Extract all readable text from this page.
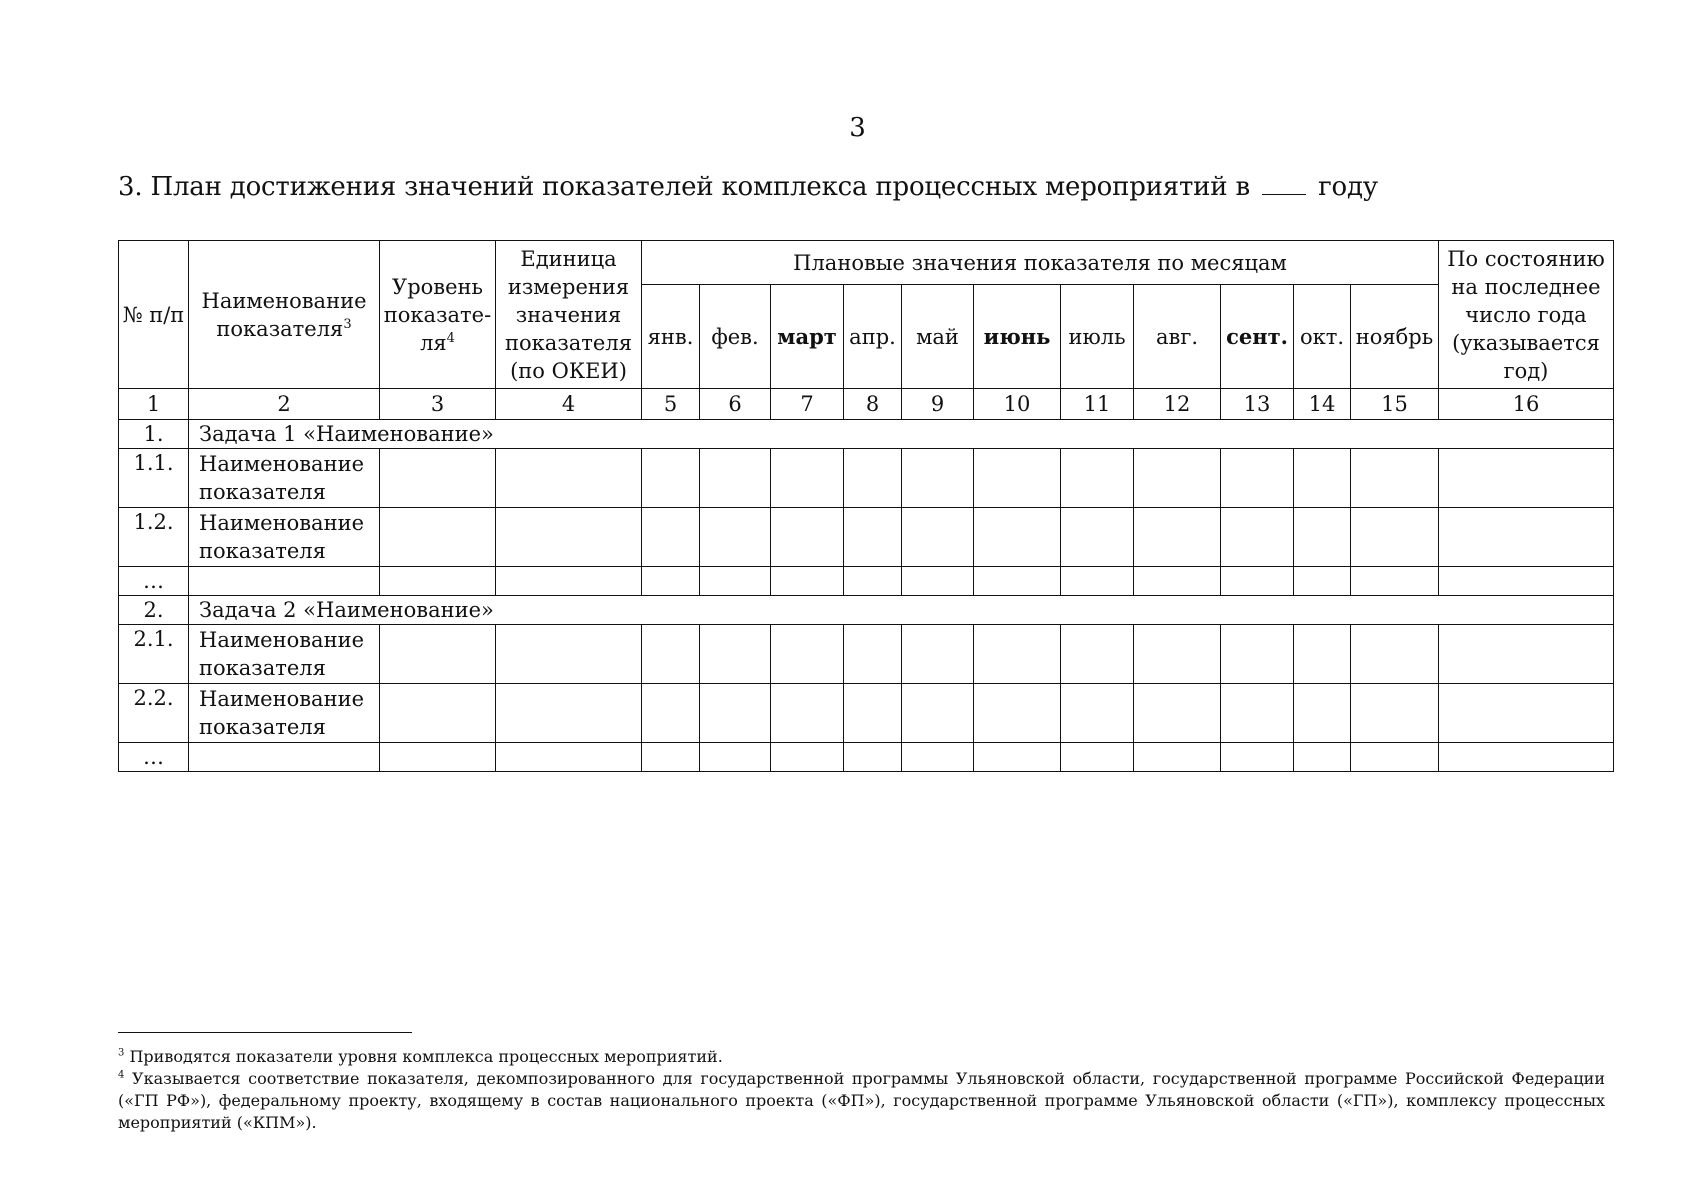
3
3. План достижения значений показателей комплекса процессных мероприятий в	году
№ п/п	Наименование показателя$^3$	Уровень показате-$ля^4$	Единица измерения значения показателя (по ОКЕИ)	Плановые значения показателя по месяцам											По состоянию на последнее число года (указывается год)
				янв.	фев.	март	апр.	май	июнь	июль	авг.	сент.	окт.	ноябрь	
1	2	3	4	5	6	7	8	9	10	11	12	13	14	15	16
1.	Задача 1 «Наименование»														
1.1.	Наименование показателя														
1.2.	Наименование показателя														
…															
2.	Задача 2 «Наименование»														
2.1.	Наименование показателя														
2.2.	Наименование показателя														
…															

$^3$ Приводятся показатели уровня комплекса процессных мероприятий.

$^4$ Указывается соответствие показателя, декомпозированного для государственной программы Ульяновской области, государственной программе Российской Федерации («ГП РФ»), федеральному проекту, входящему в состав национального проекта («ФП»), государственной программе Ульяновской области («ГП»), комплексу процессных мероприятий («КПМ»).
